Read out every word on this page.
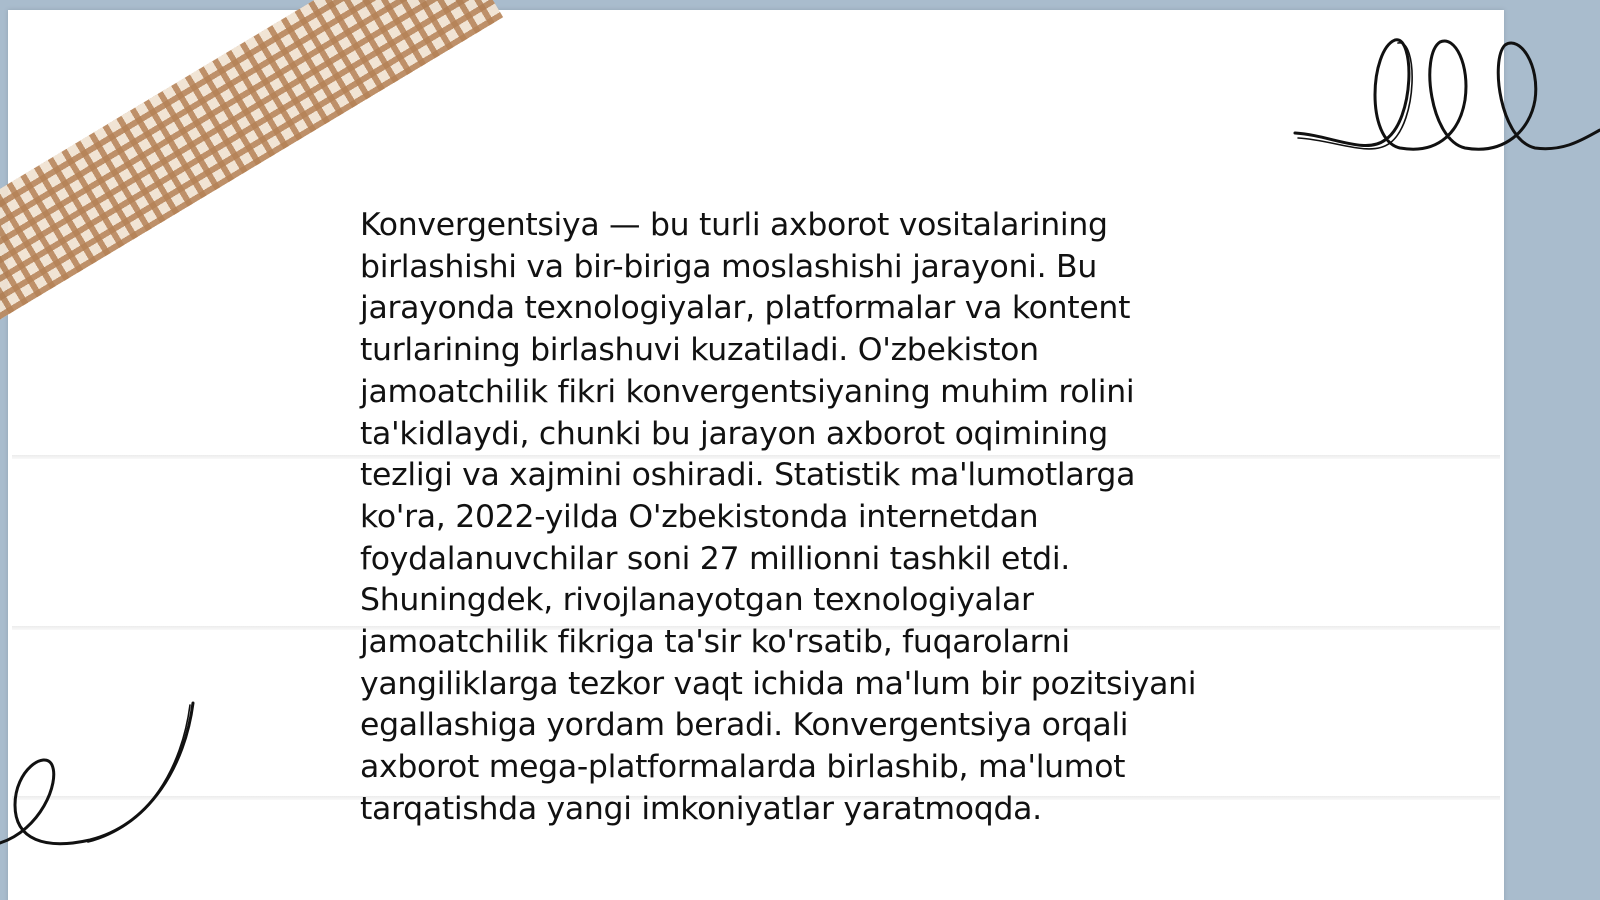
Konvergentsiya — bu turli axborot vositalarining
birlashishi va bir-biriga moslashishi jarayoni. Bu
jarayonda texnologiyalar, platformalar va kontent
turlarining birlashuvi kuzatiladi. O'zbekiston
jamoatchilik fikri konvergentsiyaning muhim rolini
ta'kidlaydi, chunki bu jarayon axborot oqimining
tezligi va xajmini oshiradi. Statistik ma'lumotlarga
ko'ra, 2022-yilda O'zbekistonda internetdan
foydalanuvchilar soni 27 millionni tashkil etdi.
Shuningdek, rivojlanayotgan texnologiyalar
jamoatchilik fikriga ta'sir ko'rsatib, fuqarolarni
yangiliklarga tezkor vaqt ichida ma'lum bir pozitsiyani
egallashiga yordam beradi. Konvergentsiya orqali
axborot mega-platformalarda birlashib, ma'lumot
tarqatishda yangi imkoniyatlar yaratmoqda.
